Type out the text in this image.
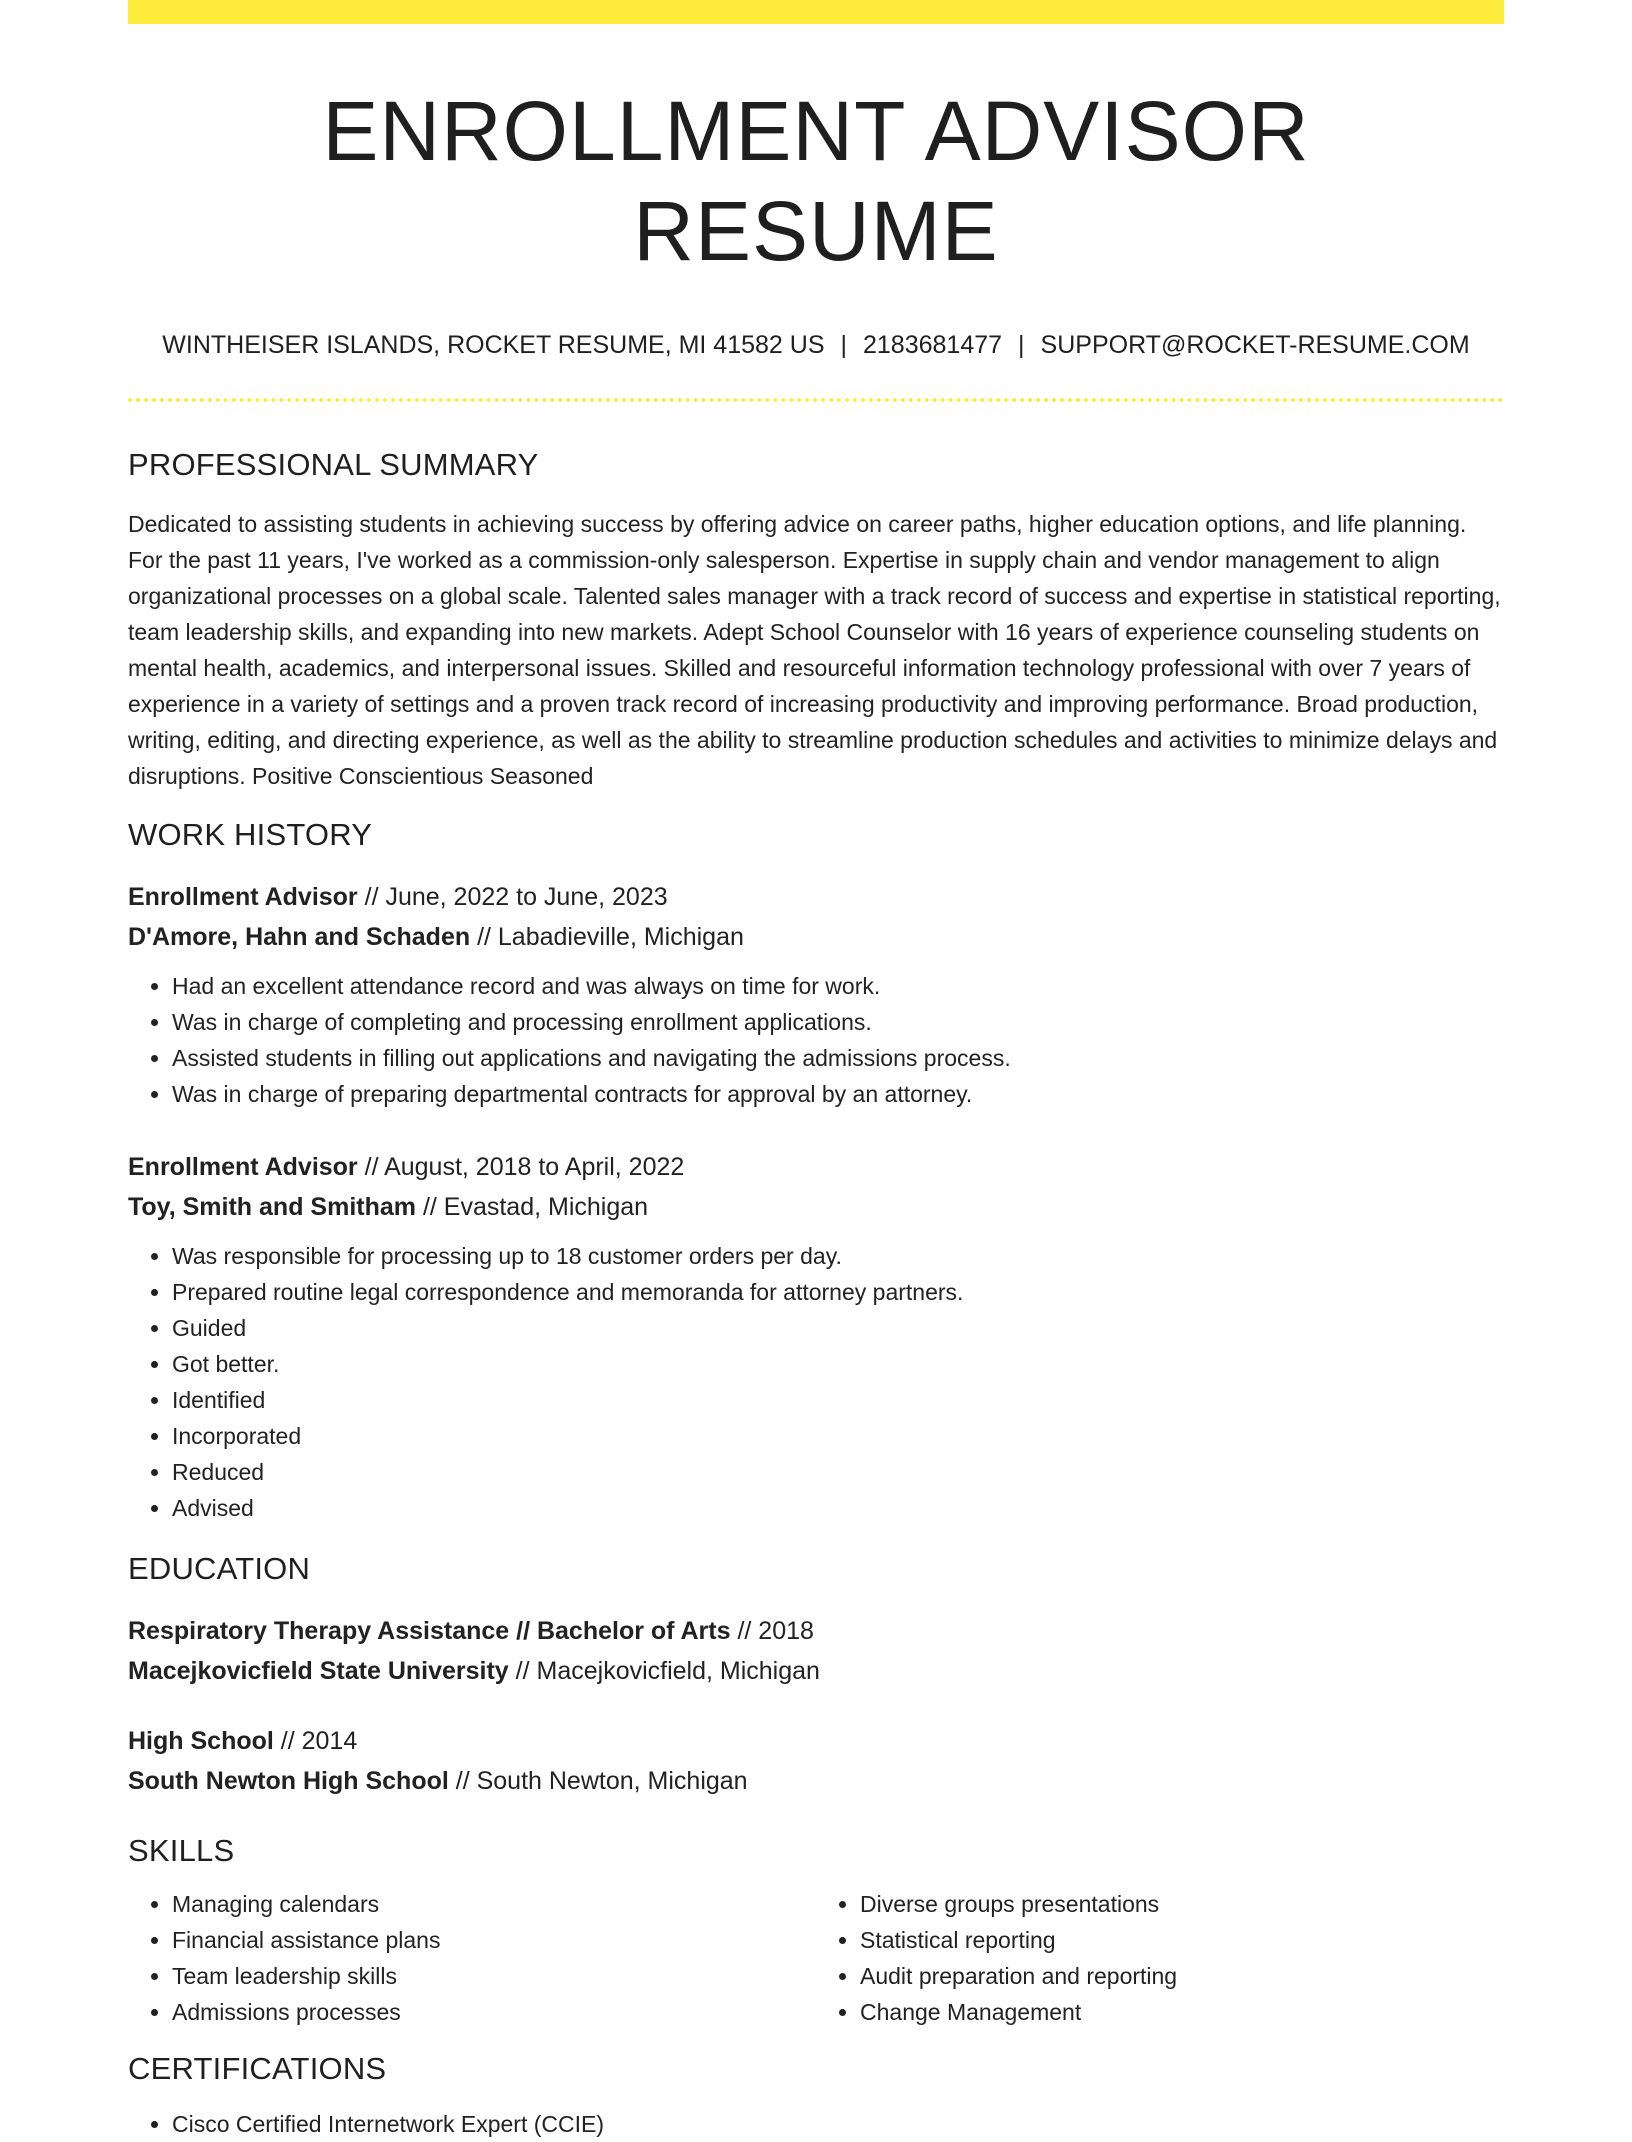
ENROLLMENT ADVISOR RESUME
WINTHEISER ISLANDS, ROCKET RESUME, MI 41582 US | 2183681477 | SUPPORT@ROCKET-RESUME.COM
PROFESSIONAL SUMMARY

Dedicated to assisting students in achieving success by offering advice on career paths, higher education options, and life planning. For the past 11 years, I've worked as a commission-only salesperson. Expertise in supply chain and vendor management to align organizational processes on a global scale. Talented sales manager with a track record of success and expertise in statistical reporting, team leadership skills, and expanding into new markets. Adept School Counselor with 16 years of experience counseling students on mental health, academics, and interpersonal issues. Skilled and resourceful information technology professional with over 7 years of experience in a variety of settings and a proven track record of increasing productivity and improving performance. Broad production, writing, editing, and directing experience, as well as the ability to streamline production schedules and activities to minimize delays and disruptions. Positive Conscientious Seasoned

WORK HISTORY
Enrollment Advisor // June, 2022 to June, 2023
D'Amore, Hahn and Schaden // Labadieville, Michigan
• Had an excellent attendance record and was always on time for work.
• Was in charge of completing and processing enrollment applications.
• Assisted students in filling out applications and navigating the admissions process.
• Was in charge of preparing departmental contracts for approval by an attorney.
Enrollment Advisor // August, 2018 to April, 2022
Toy, Smith and Smitham // Evastad, Michigan
• Was responsible for processing up to 18 customer orders per day.
• Prepared routine legal correspondence and memoranda for attorney partners.
• Guided
• Got better.
• Identified
• Incorporated
• Reduced
• Advised
EDUCATION
Respiratory Therapy Assistance // Bachelor of Arts // 2018
Macejkovicfield State University // Macejkovicfield, Michigan
High School // 2014
South Newton High School // South Newton, Michigan
SKILLS
• Managing calendars
• Financial assistance plans
• Team leadership skills
• Admissions processes
• Diverse groups presentations
• Statistical reporting
• Audit preparation and reporting
• Change Management
CERTIFICATIONS
• Cisco Certified Internetwork Expert (CCIE)
